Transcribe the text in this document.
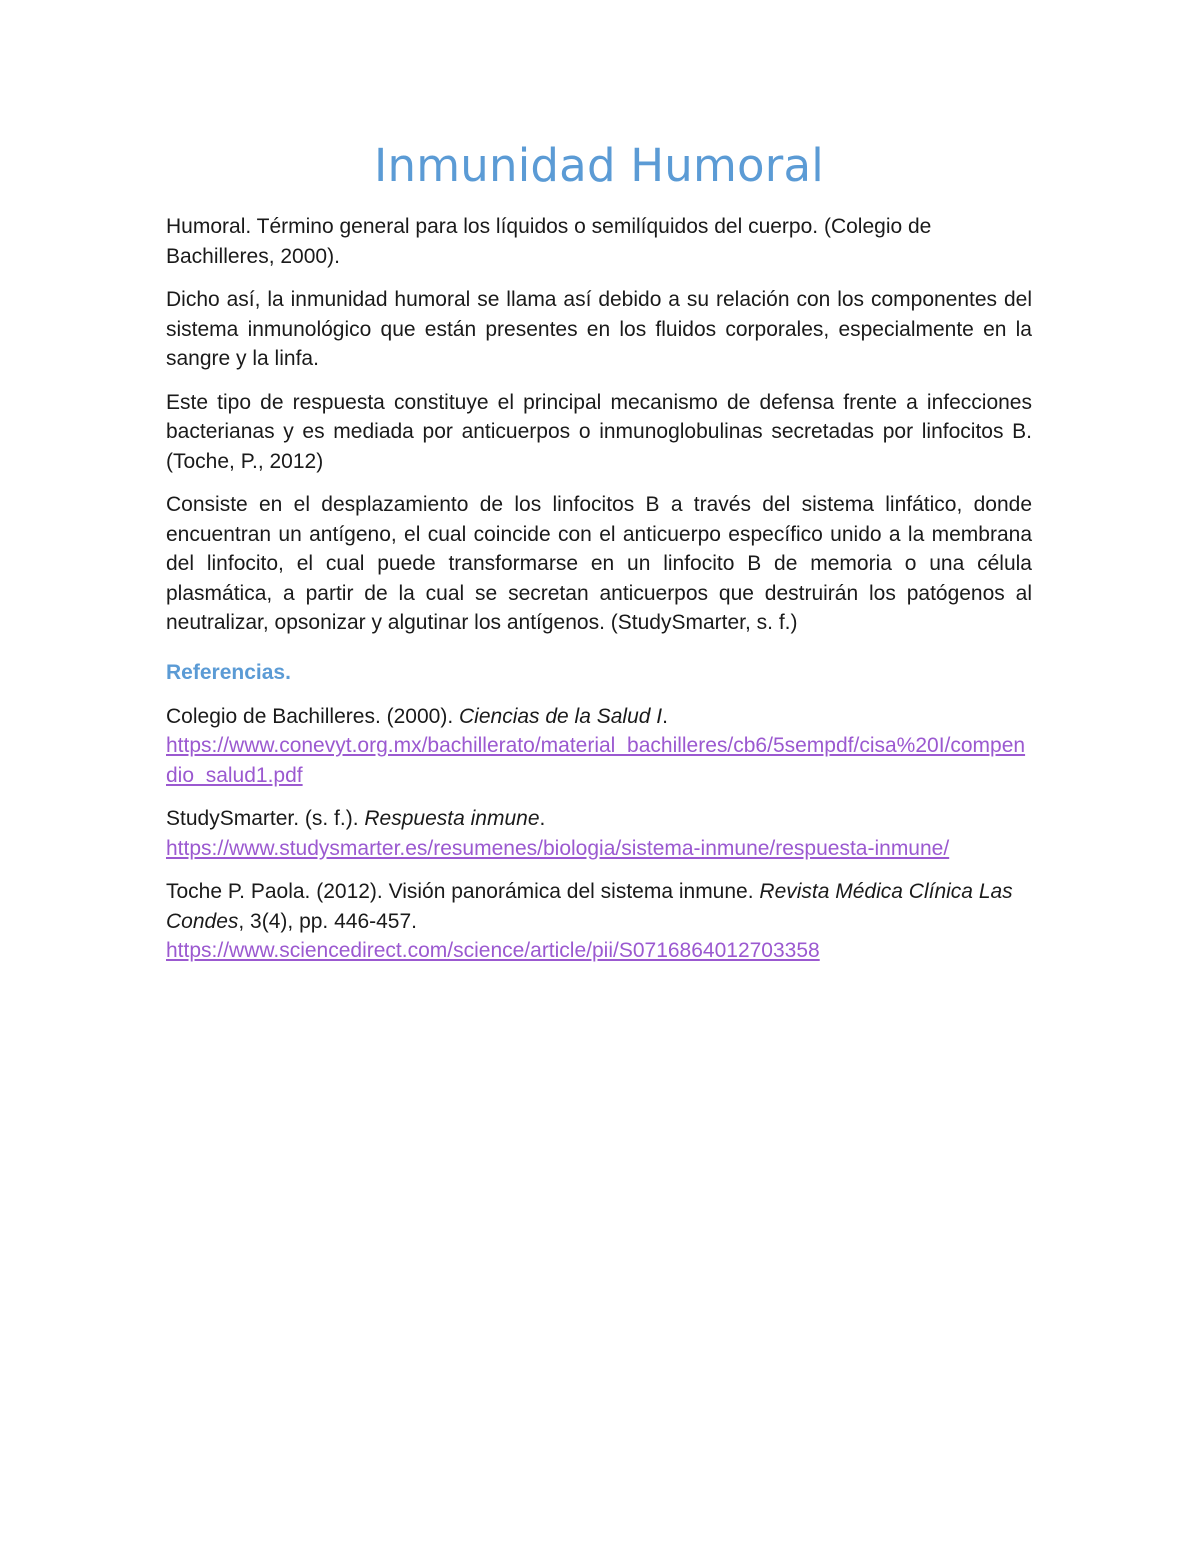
Inmunidad Humoral

Humoral. Término general para los líquidos o semilíquidos del cuerpo. (Colegio de Bachilleres, 2000).

Dicho así, la inmunidad humoral se llama así debido a su relación con los componentes del sistema inmunológico que están presentes en los fluidos corporales, especialmente en la sangre y la linfa.

Este tipo de respuesta constituye el principal mecanismo de defensa frente a infecciones bacterianas y es mediada por anticuerpos o inmunoglobulinas secretadas por linfocitos B. (Toche, P., 2012)

Consiste en el desplazamiento de los linfocitos B a través del sistema linfático, donde encuentran un antígeno, el cual coincide con el anticuerpo específico unido a la membrana del linfocito, el cual puede transformarse en un linfocito B de memoria o una célula plasmática, a partir de la cual se secretan anticuerpos que destruirán los patógenos al neutralizar, opsonizar y algutinar los antígenos. (StudySmarter, s. f.)

Referencias.

Colegio de Bachilleres. (2000). Ciencias de la Salud I.
https://www.conevyt.org.mx/bachillerato/material_bachilleres/cb6/5sempdf/cisa%20I/compendio_salud1.pdf

StudySmarter. (s. f.). Respuesta inmune.
https://www.studysmarter.es/resumenes/biologia/sistema-inmune/respuesta-inmune/

Toche P. Paola. (2012). Visión panorámica del sistema inmune. Revista Médica Clínica Las Condes, 3(4), pp. 446-457.
https://www.sciencedirect.com/science/article/pii/S0716864012703358
